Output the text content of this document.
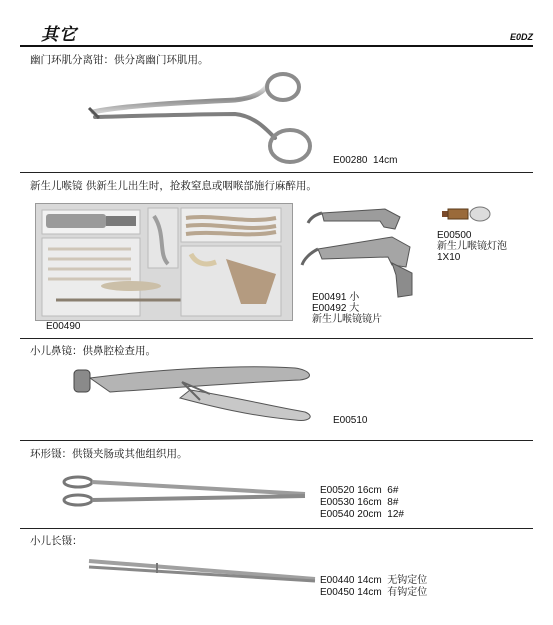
其它	E0DZ
幽门环肌分离钳：供分离幽门环肌用。
E00280 14cm
新生儿喉镜 供新生儿出生时，抢救窒息或咽喉部施行麻醉用。
E00490
E00491 小
E00492 大
新生儿喉镜镜片
E00500
新生儿喉镜灯泡
1X10
小儿鼻镜：供鼻腔检查用。
E00510
环形镊：供镊夹肠或其他组织用。
E00520 16cm 6#
E00530 16cm 8#
E00540 20cm 12#
小儿长镊：
E00440 14cm 无钩定位
E00450 14cm 有钩定位
